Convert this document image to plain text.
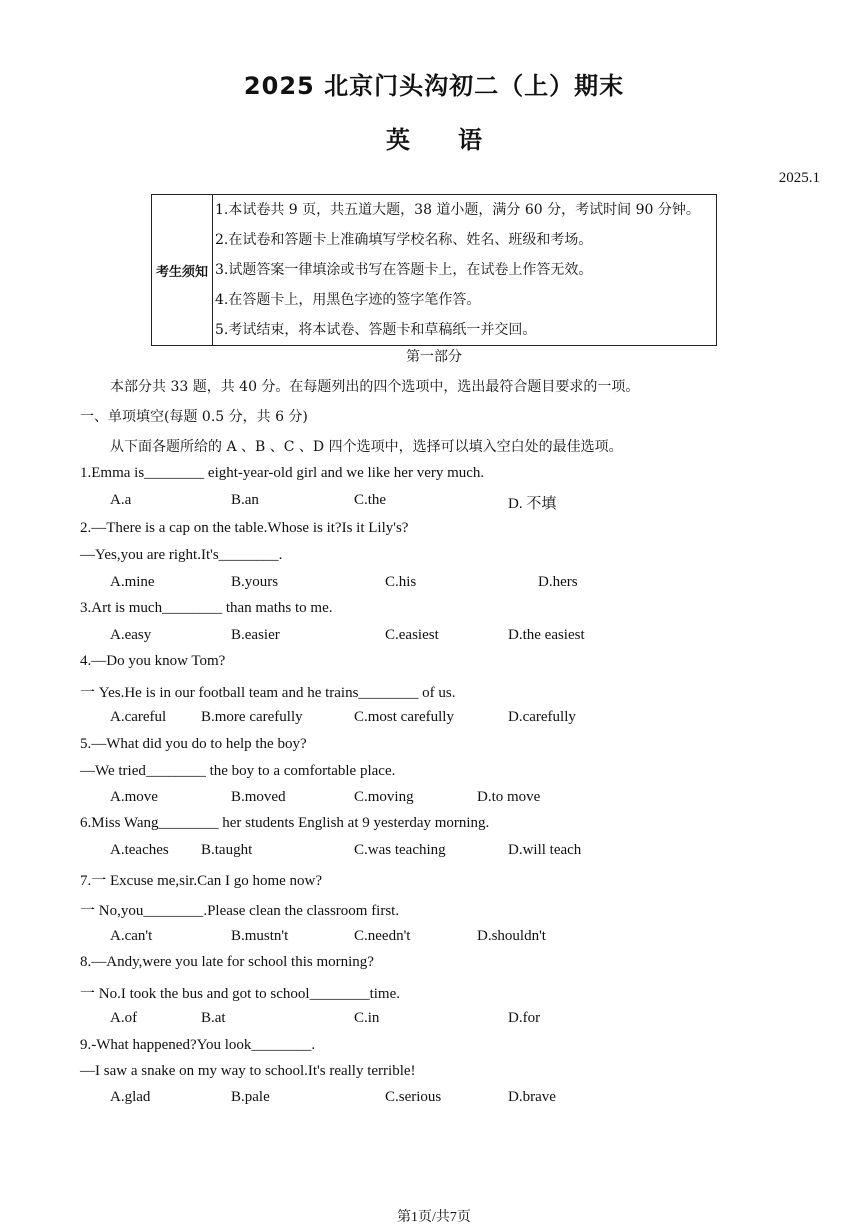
2025 北京门头沟初二（上）期末
英语
2025.1
考生须知	
1.本试卷共 9 页，共五道大题，38 道小题，满分 60 分，考试时间 90 分钟。
2.在试卷和答题卡上准确填写学校名称、姓名、班级和考场。
3.试题答案一律填涂或书写在答题卡上，在试卷上作答无效。
4.在答题卡上，用黑色字迹的签字笔作答。
5.考试结束，将本试卷、答题卡和草稿纸一并交回。
第一部分
本部分共 33 题，共 40 分。在每题列出的四个选项中，选出最符合题目要求的一项。
一、单项填空(每题 0.5 分，共 6 分)
从下面各题所给的 A 、B 、C 、D 四个选项中，选择可以填入空白处的最佳选项。
1.Emma is________ eight-year-old girl and we like her very much.
A.a	B.an	C.the	D. 不填
2.—There is a cap on the table.Whose is it?Is it Lily's?
—Yes,you are right.It's________.
A.mine	B.yours	C.his	D.hers
3.Art is much________ than maths to me.
A.easy	B.easier	C.easiest	D.the easiest
4.—Do you know Tom?
一 Yes.He is in our football team and he trains________ of us.
A.careful B.more carefully	C.most carefully	D.carefully
5.—What did you do to help the boy?
—We tried________ the boy to a comfortable place.
A.move	B.moved	C.moving	D.to move
6.Miss Wang________ her students English at 9 yesterday morning.
A.teaches B.taught	C.was teaching	D.will teach
7.一 Excuse me,sir.Can I go home now?
一 No,you________.Please clean the classroom first.
A.can't	B.mustn't	C.needn't	D.shouldn't
8.—Andy,were you late for school this morning?
一 No.I took the bus and got to school________time.
A.of	B.at	C.in	D.for
9.-What happened?You look________.
—I saw a snake on my way to school.It's really terrible!
A.glad	B.pale	C.serious	D.brave
第1页/共7页
